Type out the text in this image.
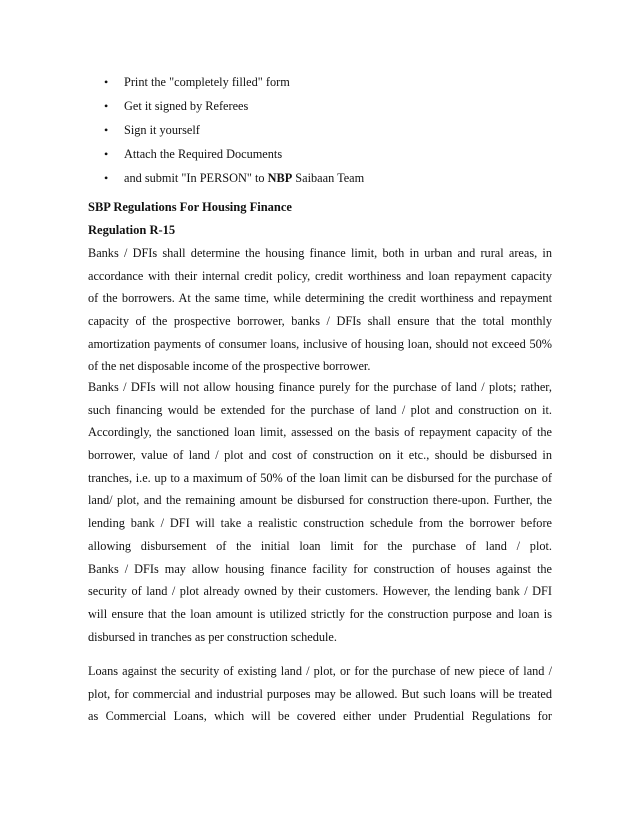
• Print the "completely filled" form
• Get it signed by Referees
• Sign it yourself
• Attach the Required Documents
• and submit "In PERSON" to NBP Saibaan Team
SBP Regulations For Housing Finance
Regulation R-15
Banks / DFIs shall determine the housing finance limit, both in urban and rural areas, in
accordance with their internal credit policy, credit worthiness and loan repayment capacity
of the borrowers. At the same time, while determining the credit worthiness and repayment
capacity of the prospective borrower, banks / DFIs shall ensure that the total monthly
amortization payments of consumer loans, inclusive of housing loan, should not exceed 50%
of the net disposable income of the prospective borrower.
Banks / DFIs will not allow housing finance purely for the purchase of land / plots; rather,
such financing would be extended for the purchase of land / plot and construction on it.
Accordingly, the sanctioned loan limit, assessed on the basis of repayment capacity of the
borrower, value of land / plot and cost of construction on it etc., should be disbursed in
tranches, i.e. up to a maximum of 50% of the loan limit can be disbursed for the purchase of
land/ plot, and the remaining amount be disbursed for construction there-upon. Further, the
lending bank / DFI will take a realistic construction schedule from the borrower before
allowing disbursement of the initial loan limit for the purchase of land / plot.
Banks / DFIs may allow housing finance facility for construction of houses against the
security of land / plot already owned by their customers. However, the lending bank / DFI
will ensure that the loan amount is utilized strictly for the construction purpose and loan is
disbursed in tranches as per construction schedule.
Loans against the security of existing land / plot, or for the purchase of new piece of land /
plot, for commercial and industrial purposes may be allowed. But such loans will be treated
as Commercial Loans, which will be covered either under Prudential Regulations for
